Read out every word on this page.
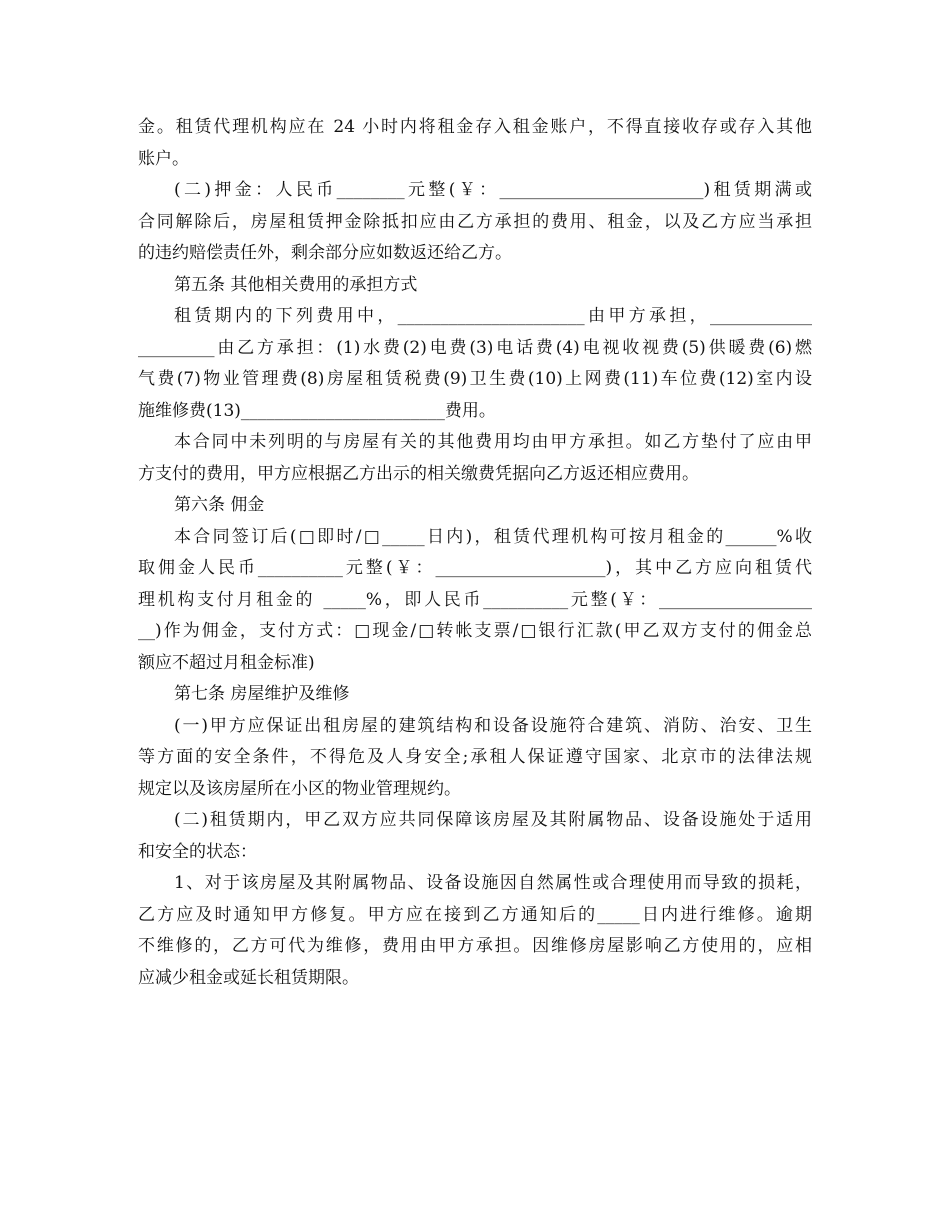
金。租赁代理机构应在 24 小时内将租金存入租金账户，不得直接收存或存入其他
账户。
(二)押金：人民币________元整(￥：________________________)租赁期满或
合同解除后，房屋租赁押金除抵扣应由乙方承担的费用、租金，以及乙方应当承担
的违约赔偿责任外，剩余部分应如数返还给乙方。
第五条 其他相关费用的承担方式
租赁期内的下列费用中，______________________由甲方承担，____________
_________由乙方承担：(1)水费(2)电费(3)电话费(4)电视收视费(5)供暖费(6)燃
气费(7)物业管理费(8)房屋租赁税费(9)卫生费(10)上网费(11)车位费(12)室内设
施维修费(13)________________________费用。
本合同中未列明的与房屋有关的其他费用均由甲方承担。如乙方垫付了应由甲
方支付的费用，甲方应根据乙方出示的相关缴费凭据向乙方返还相应费用。
第六条 佣金
本合同签订后(□即时/□_____日内)，租赁代理机构可按月租金的______%收
取佣金人民币__________元整(￥：____________________)，其中乙方应向租赁代
理机构支付月租金的 _____%，即人民币__________元整(￥：__________________
__)作为佣金，支付方式：□现金/□转帐支票/□银行汇款(甲乙双方支付的佣金总
额应不超过月租金标准)
第七条 房屋维护及维修
(一)甲方应保证出租房屋的建筑结构和设备设施符合建筑、消防、治安、卫生
等方面的安全条件，不得危及人身安全;承租人保证遵守国家、北京市的法律法规
规定以及该房屋所在小区的物业管理规约。
(二)租赁期内，甲乙双方应共同保障该房屋及其附属物品、设备设施处于适用
和安全的状态：
1、对于该房屋及其附属物品、设备设施因自然属性或合理使用而导致的损耗，
乙方应及时通知甲方修复。甲方应在接到乙方通知后的_____日内进行维修。逾期
不维修的，乙方可代为维修，费用由甲方承担。因维修房屋影响乙方使用的，应相
应减少租金或延长租赁期限。
